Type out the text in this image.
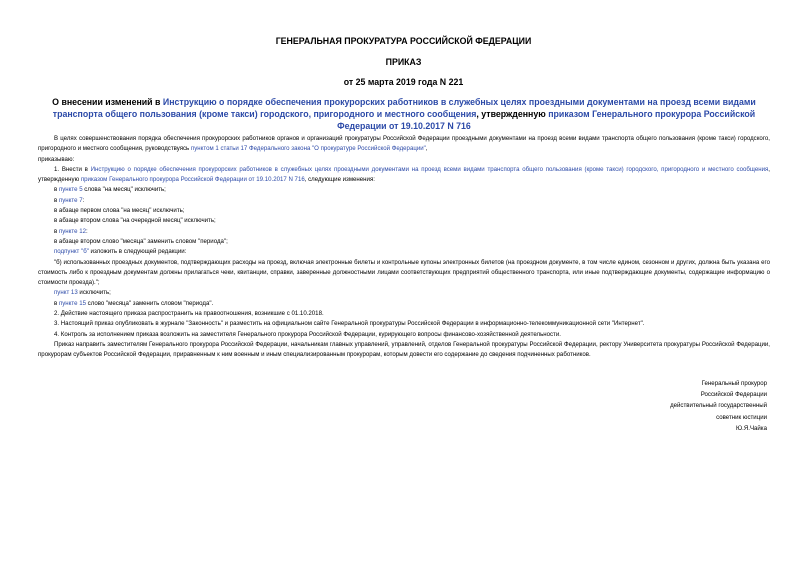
ГЕНЕРАЛЬНАЯ ПРОКУРАТУРА РОССИЙСКОЙ ФЕДЕРАЦИИ
ПРИКАЗ
от 25 марта 2019 года N 221
О внесении изменений в Инструкцию о порядке обеспечения прокурорских работников в служебных целях проездными документами на проезд всеми видами транспорта общего пользования (кроме такси) городского, пригородного и местного сообщения, утвержденную приказом Генерального прокурора Российской Федерации от 19.10.2017 N 716

В целях совершенствования порядка обеспечения прокурорских работников органов и организаций прокуратуры Российской Федерации проездными документами на проезд всеми видами транспорта общего пользования (кроме такси) городского, пригородного и местного сообщения, руководствуясь пунктом 1 статьи 17 Федерального закона "О прокуратуре Российской Федерации",

приказываю:

1. Внести в Инструкцию о порядке обеспечения прокурорских работников в служебных целях проездными документами на проезд всеми видами транспорта общего пользования (кроме такси) городского, пригородного и местного сообщения, утвержденную приказом Генерального прокурора Российской Федерации от 19.10.2017 N 716, следующие изменения:

в пункте 5 слова "на месяц" исключить;

в пункте 7:

в абзаце первом слова "на месяц" исключить;

в абзаце втором слова "на очередной месяц" исключить;

в пункте 12:

в абзаце втором слово "месяца" заменить словом "периода";

подпункт "б" изложить в следующей редакции:

"б) использованных проездных документов, подтверждающих расходы на проезд, включая электронные билеты и контрольные купоны электронных билетов (на проездном документе, в том числе едином, сезонном и других, должна быть указана его стоимость либо к проездным документам должны прилагаться чеки, квитанции, справки, заверенные должностными лицами соответствующих предприятий общественного транспорта, или иные подтверждающие документы, содержащие информацию о стоимости проезда).";

пункт 13 исключить;

в пункте 15 слово "месяца" заменить словом "периода".

2. Действие настоящего приказа распространить на правоотношения, возникшие с 01.10.2018.

3. Настоящий приказ опубликовать в журнале "Законность" и разместить на официальном сайте Генеральной прокуратуры Российской Федерации в информационно-телекоммуникационной сети "Интернет".

4. Контроль за исполнением приказа возложить на заместителя Генерального прокурора Российской Федерации, курирующего вопросы финансово-хозяйственной деятельности.

Приказ направить заместителям Генерального прокурора Российской Федерации, начальникам главных управлений, управлений, отделов Генеральной прокуратуры Российской Федерации, ректору Университета прокуратуры Российской Федерации, прокурорам субъектов Российской Федерации, приравненным к ним военным и иным специализированным прокурорам, которым довести его содержание до сведения подчиненных работников.

Генеральный прокурор
Российской Федерации
действительный государственный
советник юстиции
Ю.Я.Чайка
